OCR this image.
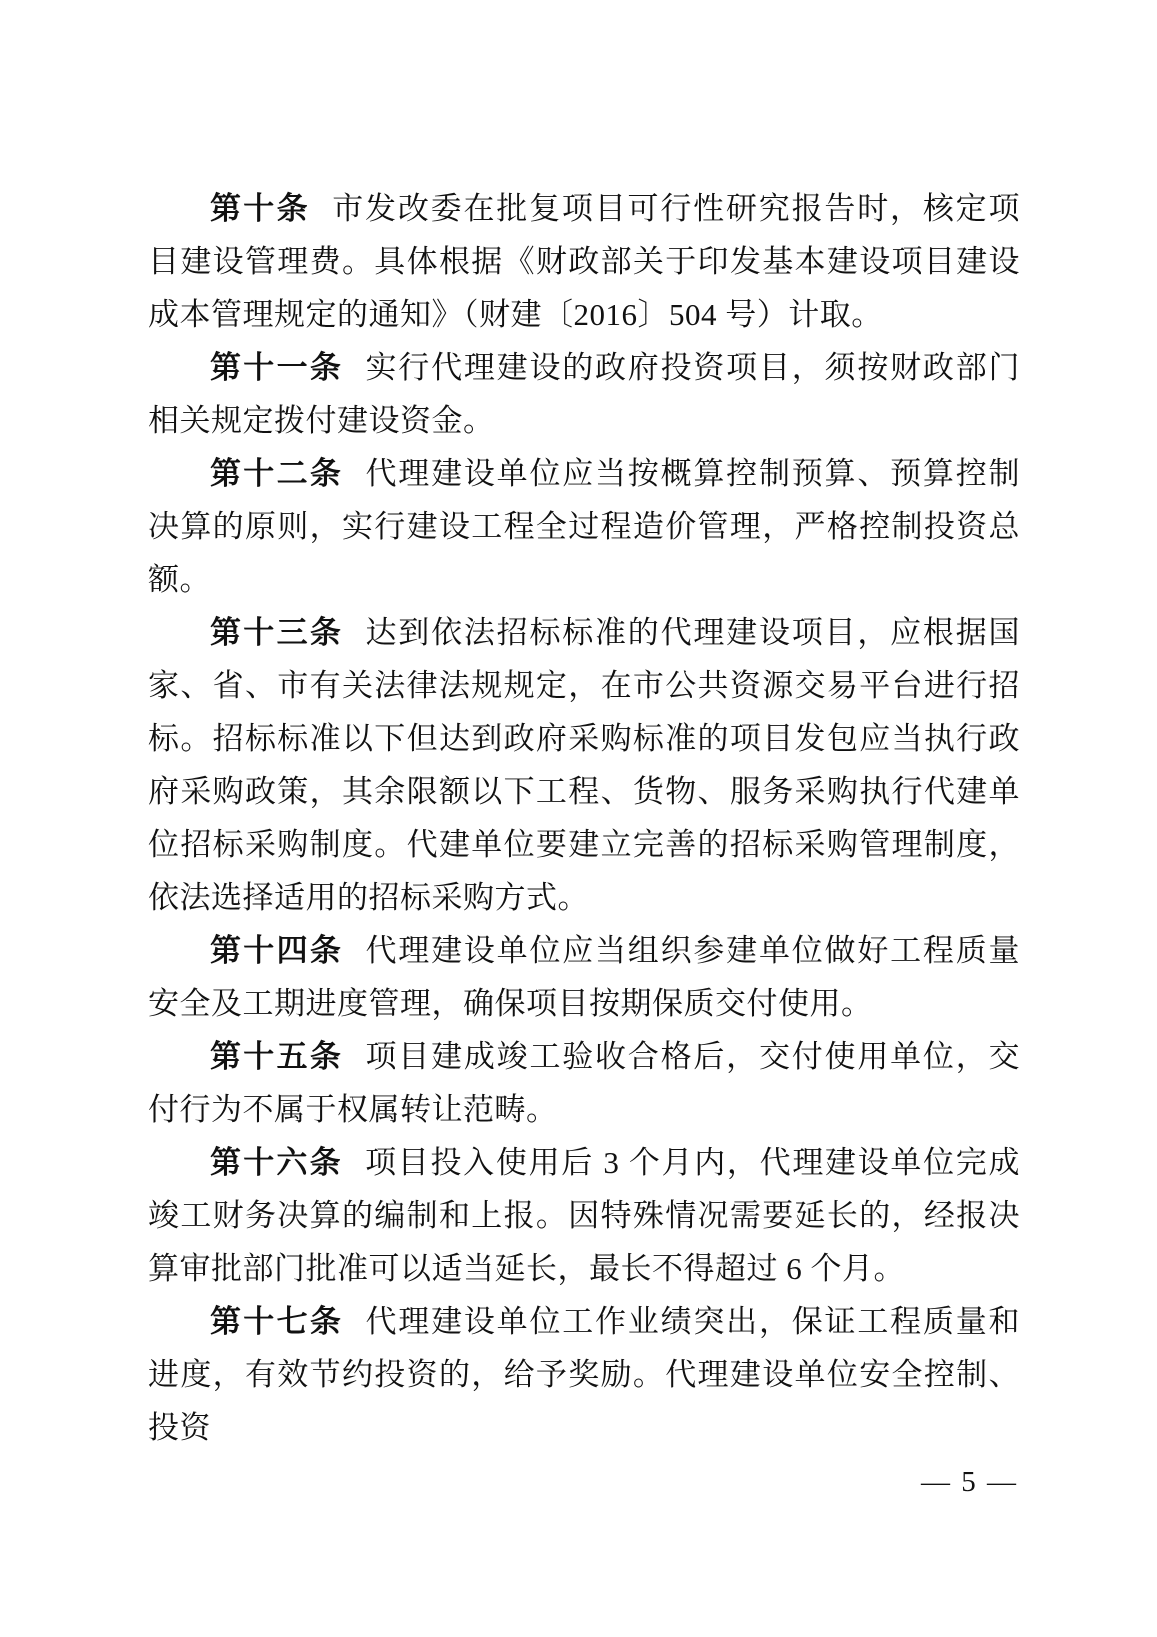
第十条 市发改委在批复项目可行性研究报告时，核定项目建设管理费。具体根据《财政部关于印发基本建设项目建设成本管理规定的通知》（财建〔2016〕504 号）计取。

第十一条 实行代理建设的政府投资项目，须按财政部门相关规定拨付建设资金。

第十二条 代理建设单位应当按概算控制预算、预算控制决算的原则，实行建设工程全过程造价管理，严格控制投资总额。

第十三条 达到依法招标标准的代理建设项目，应根据国家、省、市有关法律法规规定，在市公共资源交易平台进行招标。招标标准以下但达到政府采购标准的项目发包应当执行政府采购政策，其余限额以下工程、货物、服务采购执行代建单位招标采购制度。代建单位要建立完善的招标采购管理制度，依法选择适用的招标采购方式。

第十四条 代理建设单位应当组织参建单位做好工程质量安全及工期进度管理，确保项目按期保质交付使用。

第十五条 项目建成竣工验收合格后，交付使用单位，交付行为不属于权属转让范畴。

第十六条 项目投入使用后 3 个月内，代理建设单位完成竣工财务决算的编制和上报。因特殊情况需要延长的，经报决算审批部门批准可以适当延长，最长不得超过 6 个月。

第十七条 代理建设单位工作业绩突出，保证工程质量和进度，有效节约投资的，给予奖励。代理建设单位安全控制、投资

— 5 —
